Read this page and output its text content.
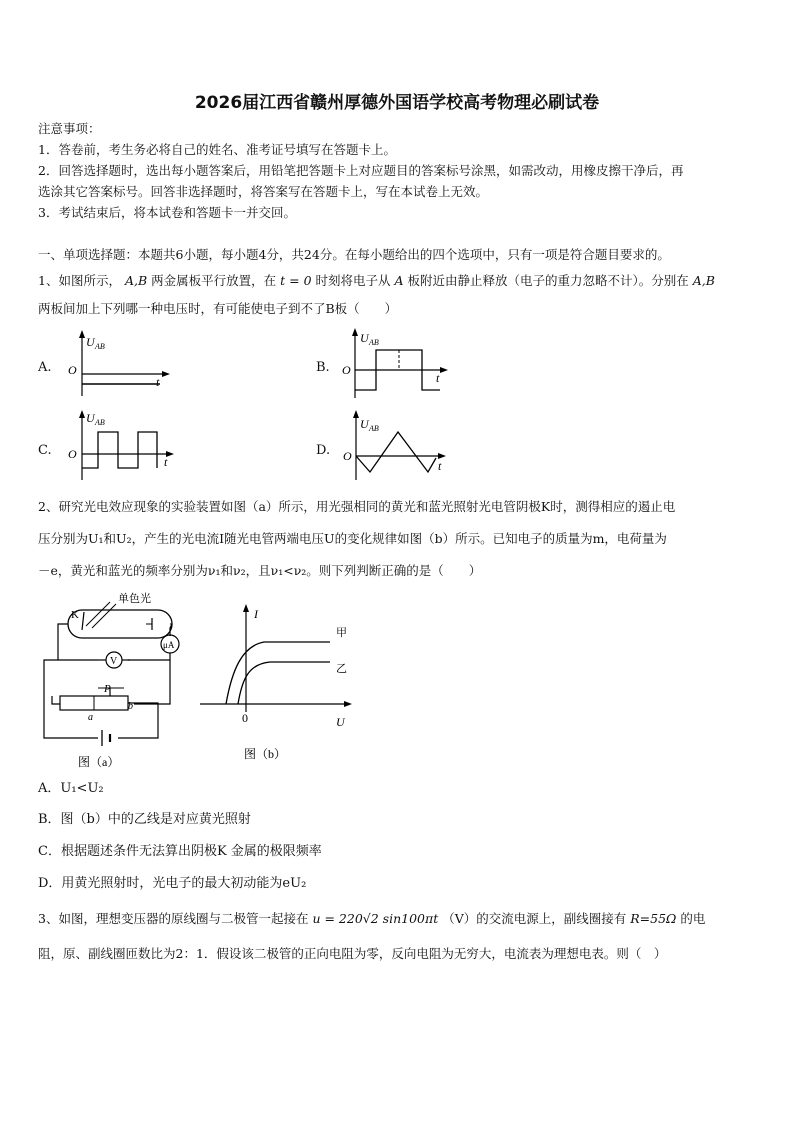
2026届江西省赣州厚德外国语学校高考物理必刷试卷
注意事项：
1．答卷前，考生务必将自己的姓名、准考证号填写在答题卡上。
2．回答选择题时，选出每小题答案后，用铅笔把答题卡上对应题目的答案标号涂黑，如需改动，用橡皮擦干净后，再
选涂其它答案标号。回答非选择题时，将答案写在答题卡上，写在本试卷上无效。
3．考试结束后，将本试卷和答题卡一并交回。
一、单项选择题：本题共6小题，每小题4分，共24分。在每小题给出的四个选项中，只有一项是符合题目要求的。
1、如图所示， A,B 两金属板平行放置，在 t = 0 时刻将电子从 A 板附近由静止释放（电子的重力忽略不计）。分别在 A,B
两板间加上下列哪一种电压时，有可能使电子到不了B板（　　）
A.	B.
C.	D.
U AB
O
t
U AB
O
t
U AB
O
t
U AB
O
t
2、研究光电效应现象的实验装置如图（a）所示，用光强相同的黄光和蓝光照射光电管阴极K时，测得相应的遏止电
压分别为U₁和U₂，产生的光电流I随光电管两端电压U的变化规律如图（b）所示。已知电子的质量为m，电荷量为
－e，黄光和蓝光的频率分别为ν₁和ν₂，且ν₁<ν₂。则下列判断正确的是（　　）
K
单色光
μA
V
a
b
P
图（a）
I
甲
乙
0	U
图（b）
A．U₁<U₂
B．图（b）中的乙线是对应黄光照射
C．根据题述条件无法算出阴极K 金属的极限频率
D．用黄光照射时，光电子的最大初动能为eU₂
3、如图，理想变压器的原线圈与二极管一起接在 u = 220√2 sin100πt （V）的交流电源上，副线圈接有 R=55Ω 的电
阻，原、副线圈匝数比为2：1．假设该二极管的正向电阻为零，反向电阻为无穷大，电流表为理想电表。则（　）
